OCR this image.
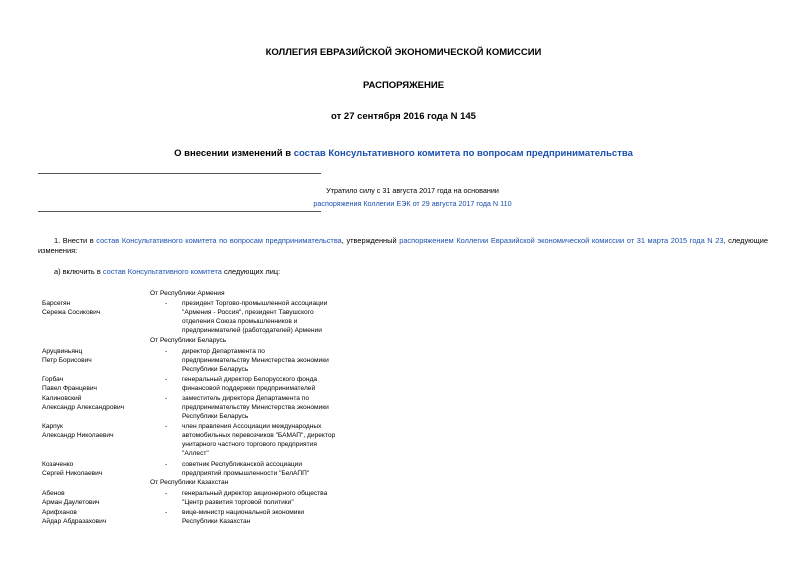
КОЛЛЕГИЯ ЕВРАЗИЙСКОЙ ЭКОНОМИЧЕСКОЙ КОМИССИИ
РАСПОРЯЖЕНИЕ
от 27 сентября 2016 года N 145
О внесении изменений в состав Консультативного комитета по вопросам предпринимательства
Утратило силу с 31 августа 2017 года на основании
распоряжения Коллегии ЕЭК от 29 августа 2017 года N 110
1. Внести в состав Консультативного комитета по вопросам предпринимательства, утвержденный распоряжением Коллегии Евразийской экономической комиссии от 31 марта 2015 года N 23, следующие изменения:
а) включить в состав Консультативного комитета следующих лиц:
От Республики Армения
Барсегян
Сережа Сосикович
- президент Торгово-промышленной ассоциации
"Армения - Россия", президент Тавушского
отделения Союза промышленников и
предпринимателей (работодателей) Армении
От Республики Беларусь
Аруцвиньянц
Петр Борисович
- директор Департамента по
предпринимательству Министерства экономики
Республики Беларусь
Горбач
Павел Францевич
- генеральный директор Белорусского фонда
финансовой поддержки предпринимателей
Калиновский
Александр Александрович
- заместитель директора Департамента по
предпринимательству Министерства экономики
Республики Беларусь
Карпук
Александр Николаевич
- член правления Ассоциации международных
автомобильных перевозчиков "БАМАП", директор
унитарного частного торгового предприятия
"Аллест"
Козаченко
Сергей Николаевич
- советник Республиканской ассоциации
предприятий промышленности "БелАПП"
От Республики Казахстан
Абенов
Арман Даулетович
- генеральный директор акционерного общества
"Центр развития торговой политики"
Арифханов
Айдар Абдразахович
- вице-министр национальной экономики
Республики Казахстан
